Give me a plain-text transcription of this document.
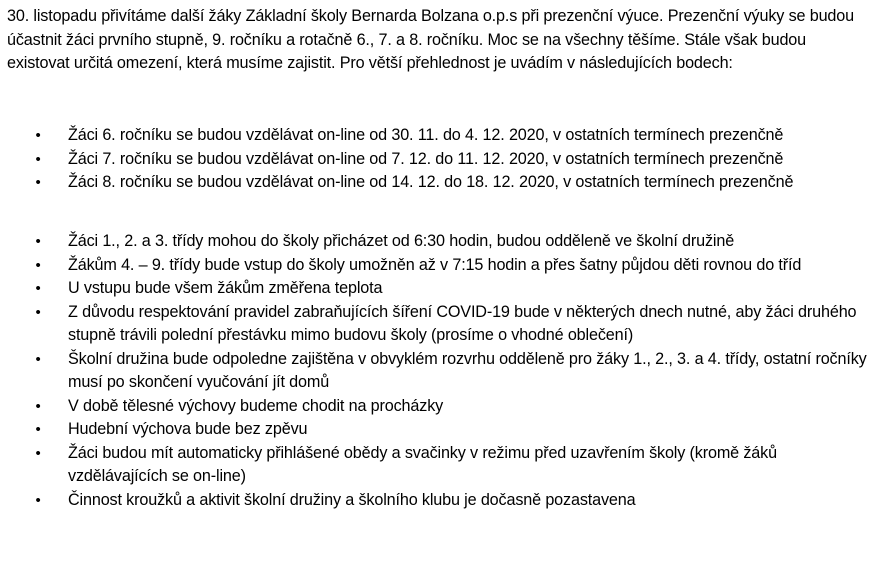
30. listopadu přivítáme další žáky Základní školy Bernarda Bolzana o.p.s při prezenční výuce. Prezenční výuky se budou účastnit žáci prvního stupně, 9. ročníku a rotačně 6., 7. a 8. ročníku. Moc se na všechny těšíme. Stále však budou existovat určitá omezení, která musíme zajistit. Pro větší přehlednost je uvádím v následujících bodech:

• Žáci 6. ročníku se budou vzdělávat on-line od 30. 11. do 4. 12. 2020, v ostatních termínech prezenčně
• Žáci 7. ročníku se budou vzdělávat on-line od 7. 12. do 11. 12. 2020, v ostatních termínech prezenčně
• Žáci 8. ročníku se budou vzdělávat on-line od 14. 12. do 18. 12. 2020, v ostatních termínech prezenčně
• Žáci 1., 2. a 3. třídy mohou do školy přicházet od 6:30 hodin, budou odděleně ve školní družině
• Žákům 4. – 9. třídy bude vstup do školy umožněn až v 7:15 hodin a přes šatny půjdou děti rovnou do tříd
• U vstupu bude všem žákům změřena teplota
• Z důvodu respektování pravidel zabraňujících šíření COVID-19 bude v některých dnech nutné, aby žáci druhého stupně trávili polední přestávku mimo budovu školy (prosíme o vhodné oblečení)
• Školní družina bude odpoledne zajištěna v obvyklém rozvrhu odděleně pro žáky 1., 2., 3. a 4. třídy, ostatní ročníky musí po skončení vyučování jít domů
• V době tělesné výchovy budeme chodit na procházky
• Hudební výchova bude bez zpěvu
• Žáci budou mít automaticky přihlášené obědy a svačinky v režimu před uzavřením školy (kromě žáků vzdělávajících se on-line)
• Činnost kroužků a aktivit školní družiny a školního klubu je dočasně pozastavena
